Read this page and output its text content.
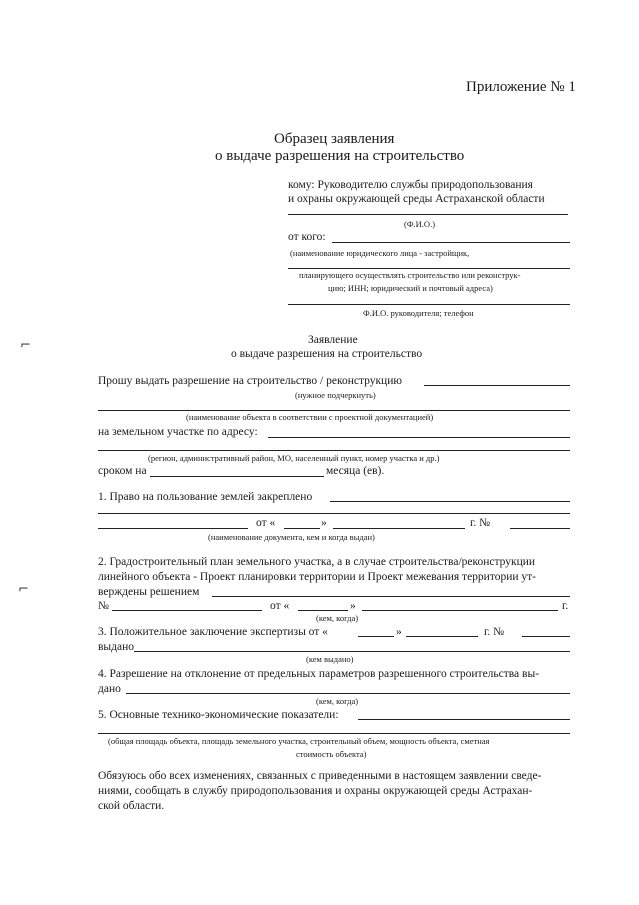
Приложение № 1
Образец заявления
о выдаче разрешения на строительство
кому: Руководителю службы природопользования
и охраны окружающей среды Астраханской области
(Ф.И.О.)
от кого:
(наименование юридического лица - застройщик,
планирующего осуществлять строительство или реконструк-
цию; ИНН; юридический и почтовый адреса)
Ф.И.О. руководителя; телефон
Заявление
о выдаче разрешения на строительство
Прошу выдать разрешение на строительство / реконструкцию
(нужное подчеркнуть)
(наименование объекта в соответствии с проектной документацией)
на земельном участке по адресу:
(регион, административный район, МО, населенный пункт, номер участка и др.)
сроком на	месяца (ев).
1. Право на пользование землей закреплено
от «	»	г. №
(наименование документа, кем и когда выдан)
2. Градостроительный план земельного участка, а в случае строительства/реконструкции
линейного объекта - Проект планировки территории и Проект межевания территории ут-
верждены решением
№	от «	»	г.
(кем, когда)
3. Положительное заключение экспертизы от «	»	г. №
выдано
(кем выдано)
4. Разрешение на отклонение от предельных параметров разрешенного строительства вы-
дано
(кем, когда)
5. Основные технико-экономические показатели:
(общая площадь объекта, площадь земельного участка, строительный объем, мощность объекта, сметная
стоимость объекта)
Обязуюсь обо всех изменениях, связанных с приведенными в настоящем заявлении сведе-
ниями, сообщать в службу природопользования и охраны окружающей среды Астрахан-
ской области.
⌐
⌐
